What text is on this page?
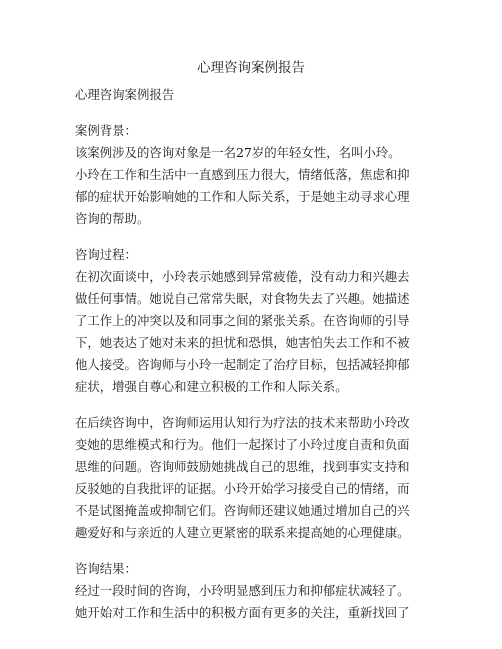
心理咨询案例报告
心理咨询案例报告
案例背景：
该案例涉及的咨询对象是一名27岁的年轻女性，名叫小玲。
小玲在工作和生活中一直感到压力很大，情绪低落，焦虑和抑
郁的症状开始影响她的工作和人际关系，于是她主动寻求心理
咨询的帮助。
咨询过程：
在初次面谈中，小玲表示她感到异常疲倦，没有动力和兴趣去
做任何事情。她说自己常常失眠，对食物失去了兴趣。她描述
了工作上的冲突以及和同事之间的紧张关系。在咨询师的引导
下，她表达了她对未来的担忧和恐惧，她害怕失去工作和不被
他人接受。咨询师与小玲一起制定了治疗目标，包括减轻抑郁
症状，增强自尊心和建立积极的工作和人际关系。
在后续咨询中，咨询师运用认知行为疗法的技术来帮助小玲改
变她的思维模式和行为。他们一起探讨了小玲过度自责和负面
思维的问题。咨询师鼓励她挑战自己的思维，找到事实支持和
反驳她的自我批评的证据。小玲开始学习接受自己的情绪，而
不是试图掩盖或抑制它们。咨询师还建议她通过增加自己的兴
趣爱好和与亲近的人建立更紧密的联系来提高她的心理健康。
咨询结果：
经过一段时间的咨询，小玲明显感到压力和抑郁症状减轻了。
她开始对工作和生活中的积极方面有更多的关注，重新找回了
